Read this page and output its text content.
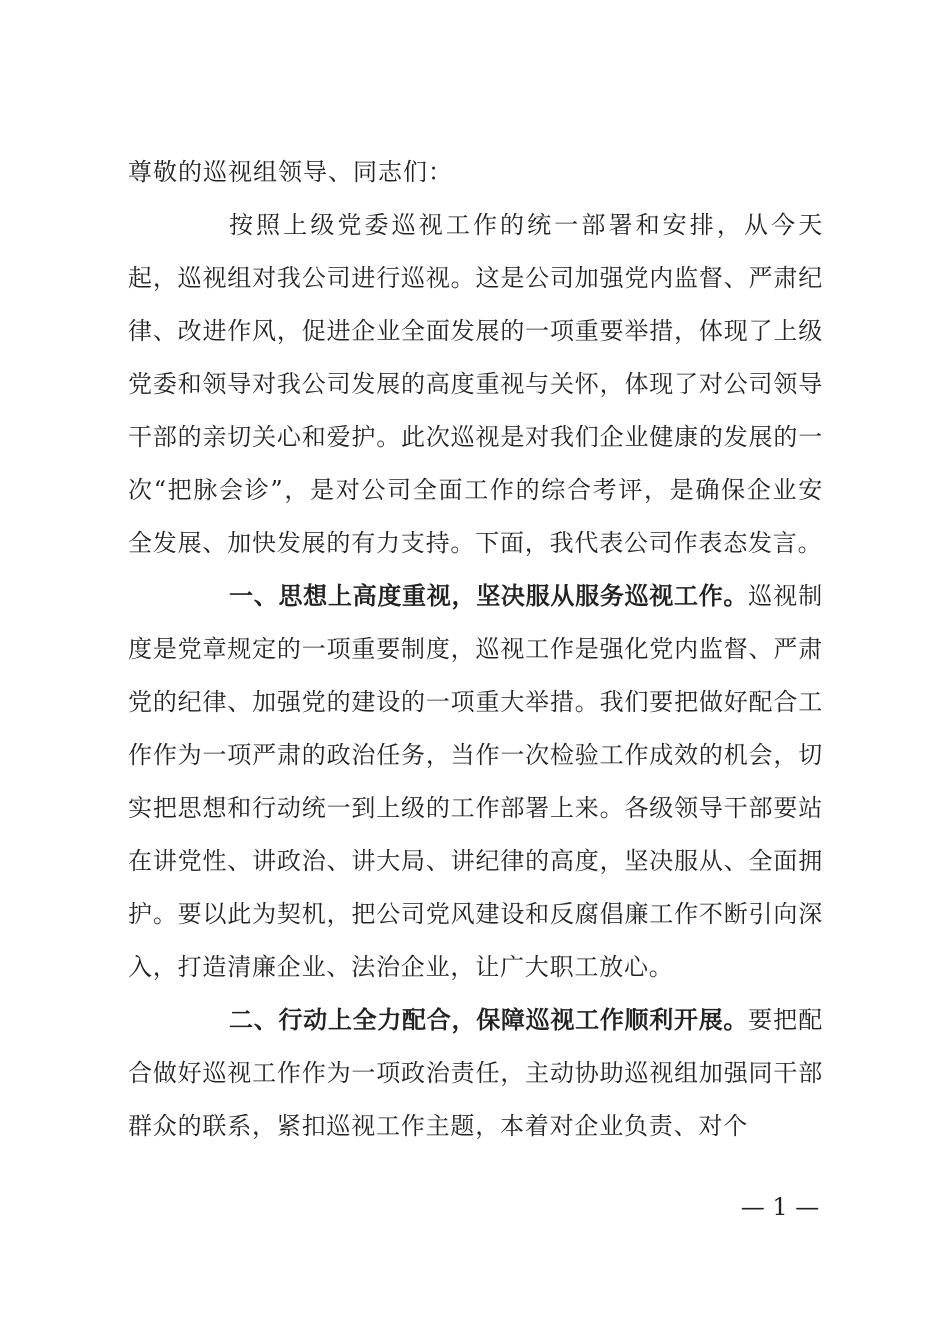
尊敬的巡视组领导、同志们：

按照上级党委巡视工作的统一部署和安排，从今天起，巡视组对我公司进行巡视。这是公司加强党内监督、严肃纪律、改进作风，促进企业全面发展的一项重要举措，体现了上级党委和领导对我公司发展的高度重视与关怀，体现了对公司领导干部的亲切关心和爱护。此次巡视是对我们企业健康的发展的一次“把脉会诊”，是对公司全面工作的综合考评，是确保企业安全发展、加快发展的有力支持。下面，我代表公司作表态发言。

一、思想上高度重视，坚决服从服务巡视工作。巡视制度是党章规定的一项重要制度，巡视工作是强化党内监督、严肃党的纪律、加强党的建设的一项重大举措。我们要把做好配合工作作为一项严肃的政治任务，当作一次检验工作成效的机会，切实把思想和行动统一到上级的工作部署上来。各级领导干部要站在讲党性、讲政治、讲大局、讲纪律的高度，坚决服从、全面拥护。要以此为契机，把公司党风建设和反腐倡廉工作不断引向深入，打造清廉企业、法治企业，让广大职工放心。

二、行动上全力配合，保障巡视工作顺利开展。要把配合做好巡视工作作为一项政治责任，主动协助巡视组加强同干部群众的联系，紧扣巡视工作主题，本着对企业负责、对个

— 1 —
